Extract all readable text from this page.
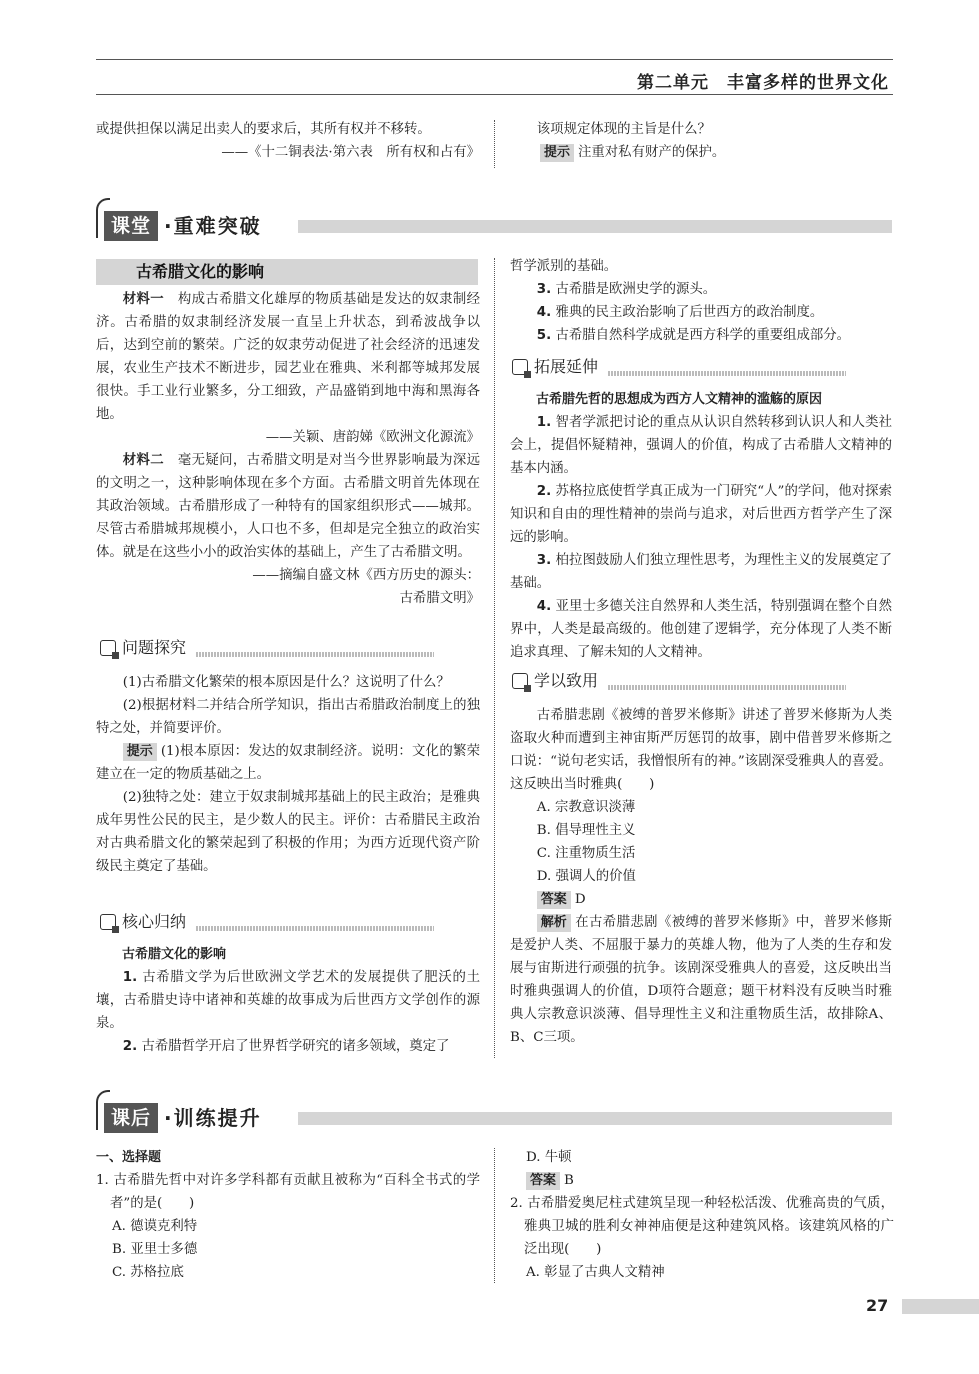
第二单元　丰富多样的世界文化

或提供担保以满足出卖人的要求后，其所有权并不移转。

——《十二铜表法·第六表　所有权和占有》

该项规定体现的主旨是什么？

提示 注重对私有财产的保护。

课堂 ·重难突破
古希腊文化的影响

材料一　构成古希腊文化雄厚的物质基础是发达的奴隶制经济。古希腊的奴隶制经济发展一直呈上升状态，到希波战争以后，达到空前的繁荣。广泛的奴隶劳动促进了社会经济的迅速发展，农业生产技术不断进步，园艺业在雅典、米利都等城邦发展很快。手工业行业繁多，分工细致，产品盛销到地中海和黑海各地。

——关颖、唐韵娣《欧洲文化源流》

材料二　毫无疑问，古希腊文明是对当今世界影响最为深远的文明之一，这种影响体现在多个方面。古希腊文明首先体现在其政治领域。古希腊形成了一种特有的国家组织形式——城邦。尽管古希腊城邦规模小，人口也不多，但却是完全独立的政治实体。就是在这些小小的政治实体的基础上，产生了古希腊文明。

——摘编自盛文林《西方历史的源头：

古希腊文明》

问题探究

(1)古希腊文化繁荣的根本原因是什么？这说明了什么？

(2)根据材料二并结合所学知识，指出古希腊政治制度上的独特之处，并简要评价。

提示 (1)根本原因：发达的奴隶制经济。说明：文化的繁荣建立在一定的物质基础之上。

(2)独特之处：建立于奴隶制城邦基础上的民主政治；是雅典成年男性公民的民主，是少数人的民主。评价：古希腊民主政治对古典希腊文化的繁荣起到了积极的作用；为西方近现代资产阶级民主奠定了基础。

核心归纳

古希腊文化的影响

1. 古希腊文学为后世欧洲文学艺术的发展提供了肥沃的土壤，古希腊史诗中诸神和英雄的故事成为后世西方文学创作的源泉。

2. 古希腊哲学开启了世界哲学研究的诸多领域，奠定了

哲学派别的基础。

3. 古希腊是欧洲史学的源头。

4. 雅典的民主政治影响了后世西方的政治制度。

5. 古希腊自然科学成就是西方科学的重要组成部分。

拓展延伸

古希腊先哲的思想成为西方人文精神的滥觞的原因

1. 智者学派把讨论的重点从认识自然转移到认识人和人类社会上，提倡怀疑精神，强调人的价值，构成了古希腊人文精神的基本内涵。

2. 苏格拉底使哲学真正成为一门研究“人”的学问，他对探索知识和自由的理性精神的崇尚与追求，对后世西方哲学产生了深远的影响。

3. 柏拉图鼓励人们独立理性思考，为理性主义的发展奠定了基础。

4. 亚里士多德关注自然界和人类生活，特别强调在整个自然界中，人类是最高级的。他创建了逻辑学，充分体现了人类不断追求真理、了解未知的人文精神。

学以致用

古希腊悲剧《被缚的普罗米修斯》讲述了普罗米修斯为人类盗取火种而遭到主神宙斯严厉惩罚的故事，剧中借普罗米修斯之口说：“说句老实话，我憎恨所有的神。”该剧深受雅典人的喜爱。这反映出当时雅典(　　)

A. 宗教意识淡薄

B. 倡导理性主义

C. 注重物质生活

D. 强调人的价值

答案 D

解析 在古希腊悲剧《被缚的普罗米修斯》中，普罗米修斯是爱护人类、不屈服于暴力的英雄人物，他为了人类的生存和发展与宙斯进行顽强的抗争。该剧深受雅典人的喜爱，这反映出当时雅典强调人的价值，D项符合题意；题干材料没有反映当时雅典人宗教意识淡薄、倡导理性主义和注重物质生活，故排除A、B、C三项。

课后 ·训练提升

一、选择题

1. 古希腊先哲中对许多学科都有贡献且被称为“百科全书式的学者”的是(　　)

A. 德谟克利特

B. 亚里士多德

C. 苏格拉底

D. 牛顿

答案 B

2. 古希腊爱奥尼柱式建筑呈现一种轻松活泼、优雅高贵的气质，雅典卫城的胜利女神神庙便是这种建筑风格。该建筑风格的广泛出现(　　)

A. 彰显了古典人文精神

27
